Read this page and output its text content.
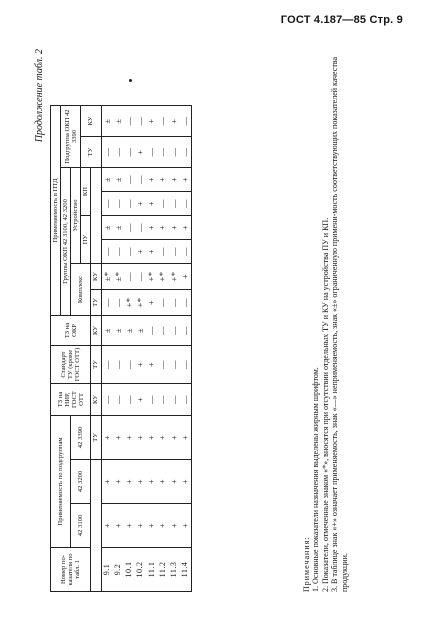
ГОСТ 4.187—85 Стр. 9
Продолжение табл. 2
Номер по-казателя по табл. 1	Применяемость по подгруппам			ТЗ на НИР, ГОСТ ОТТ	Стандарт ТУ (кроме ГОСТ ОТТ)	ТЗ на ОКР	Применяемость в ПТД							
							Группы ОКП 42 3100, 42 3200						Подгруппа ОКП 42 3390	
	42 3100	42 3200	42 3390				Комплекс		Устройство					
									ПУ		КП		ТУ	КУ
			ТУ	КУ	ТУ	КУ	ТУ	КУ						
9.1	+	+	+	—	—	±	—	±*	—	±	—	±	—	±
9.2	+	+	+	—	—	±	—	±*	—	±	—	±	—	±
10.1	+	+	+	—	—	±	+*	—	—	—	—	—	—	—
10.2	+	+	+	+	+	±	+*	—	+	—	+	—	+	—
11.1	+	+	+	—	+	—	+	+*	+	+	+	+	—	+
11.2	+	+	+	—	—	—	—	+*	—	+	—	+	—	—
11.3	+	+	+	—	—	—	—	+*	—	+	—	+	—	+
11.4	+	+	+	—	—	—	—	+	—	+	—	+	—	—

Примечания: 1. Основные показатели назначения выделены жирным шрифтом. 2. Показатели, отмеченные знаком «*», вносятся при отсутствии отдельных ТУ и КУ на устройства ПУ и КП. 3. В таблице знак «+» означает применяемость, знак «—» неприменяемость, знак «±» ограниченную примени-мость соответствующих показателей качества продукции.
